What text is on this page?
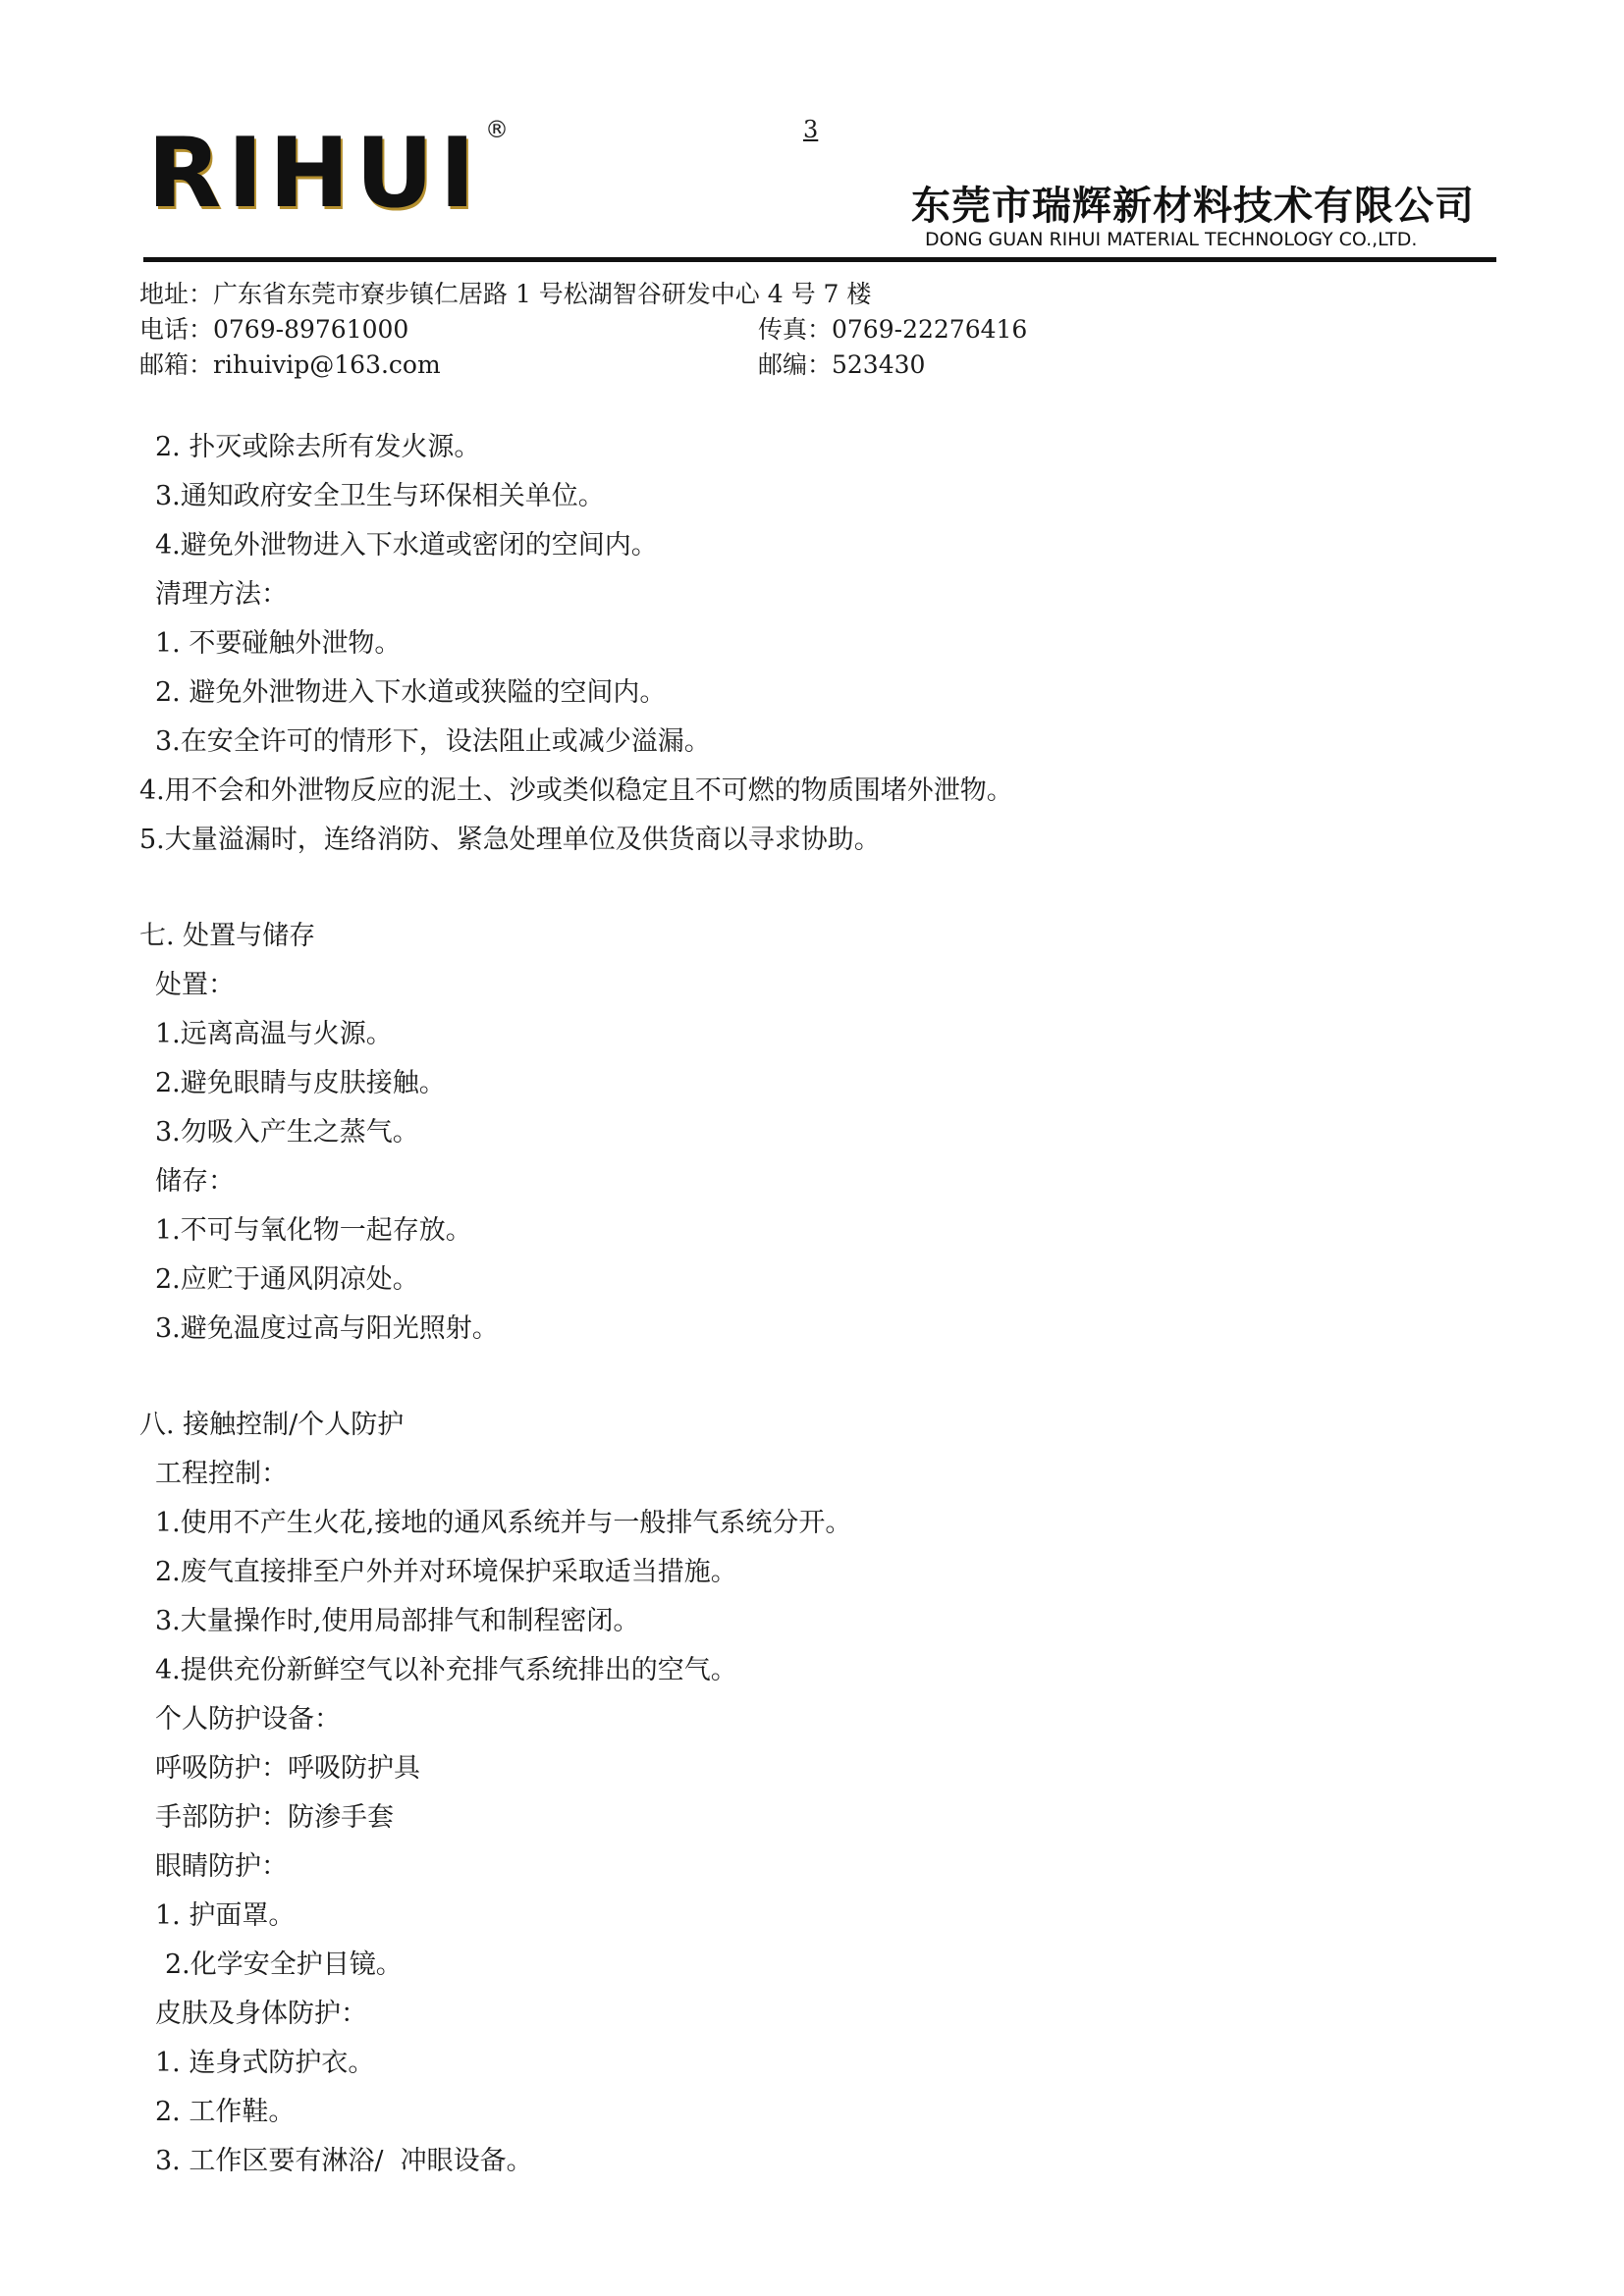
3
RIHUI ®
东莞市瑞辉新材料技术有限公司
DONG GUAN RIHUI MATERIAL TECHNOLOGY CO.,LTD.
地址：广东省东莞市寮步镇仁居路 1 号松湖智谷研发中心 4 号 7 楼
电话：0769-89761000	传真：0769-22276416
邮箱：rihuivip@163.com	邮编：523430
2. 扑灭或除去所有发火源。
3.通知政府安全卫生与环保相关单位。
4.避免外泄物进入下水道或密闭的空间内。
清理方法：
1. 不要碰触外泄物。
2. 避免外泄物进入下水道或狭隘的空间内。
3.在安全许可的情形下，设法阻止或减少溢漏。
4.用不会和外泄物反应的泥土、沙或类似稳定且不可燃的物质围堵外泄物。
5.大量溢漏时，连络消防、紧急处理单位及供货商以寻求协助。
七. 处置与储存
处置：
1.远离高温与火源。
2.避免眼睛与皮肤接触。
3.勿吸入产生之蒸气。
储存：
1.不可与氧化物一起存放。
2.应贮于通风阴凉处。
3.避免温度过高与阳光照射。
八. 接触控制/个人防护
工程控制：
1.使用不产生火花,接地的通风系统并与一般排气系统分开。
2.废气直接排至户外并对环境保护采取适当措施。
3.大量操作时,使用局部排气和制程密闭。
4.提供充份新鲜空气以补充排气系统排出的空气。
个人防护设备：
呼吸防护：呼吸防护具
手部防护：防渗手套
眼睛防护：
1. 护面罩。
2.化学安全护目镜。
皮肤及身体防护：
1. 连身式防护衣。
2. 工作鞋。
3. 工作区要有淋浴/  冲眼设备。
